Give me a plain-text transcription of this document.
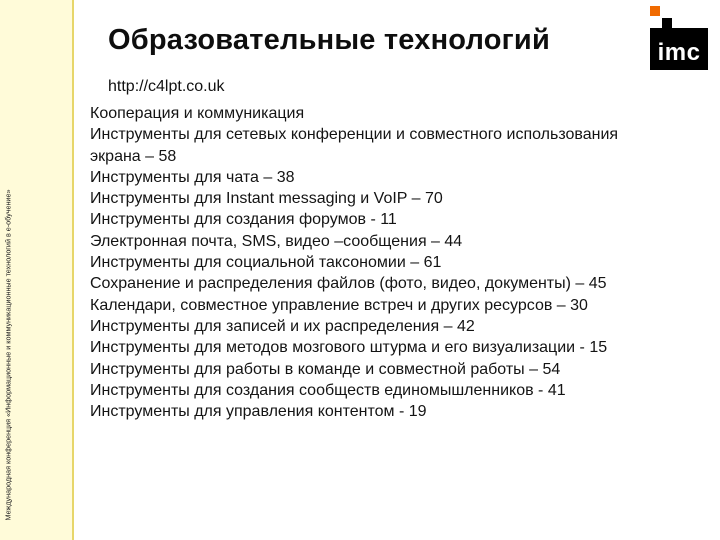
Международная конференция «Информационные и коммуникационные технологий в e-обучение»
Образовательные технологий	imc
http://c4lpt.co.uk
Кооперация и коммуникация
Инструменты для сетевых конференции и совместного использования экрана – 58
Инструменты для чата – 38
Инструменты для Instant messaging и VoIP – 70
Инструменты для создания форумов - 11
Электронная почта, SMS, видео –сообщения – 44
Инструменты для социальной таксономии – 61
Сохранение и распределения файлов (фото, видео, документы) – 45
Календари, совместное управление встреч и других ресурсов – 30
Инструменты для записей и их распределения – 42
Инструменты для методов мозгового штурма и его визуализации - 15
Инструменты для работы в команде и совместной работы – 54
Инструменты для создания сообществ единомышленников - 41
Инструменты для управления контентом - 19
